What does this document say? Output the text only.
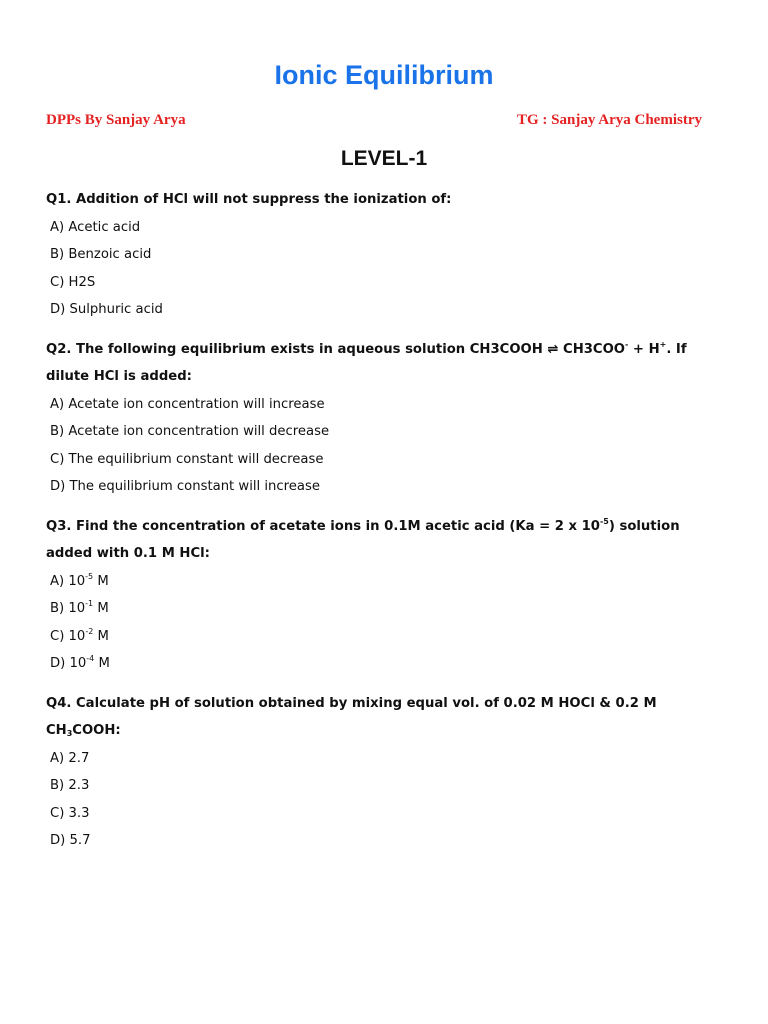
Ionic Equilibrium
DPPs By Sanjay Arya	TG : Sanjay Arya Chemistry
LEVEL-1
Q1. Addition of HCl will not suppress the ionization of:
A) Acetic acid
B) Benzoic acid
C) H2S
D) Sulphuric acid
Q2. The following equilibrium exists in aqueous solution CH3COOH ⇌ CH3COO- + H+. If dilute HCl is added:
A) Acetate ion concentration will increase
B) Acetate ion concentration will decrease
C) The equilibrium constant will decrease
D) The equilibrium constant will increase
Q3. Find the concentration of acetate ions in 0.1M acetic acid (Ka = 2 x $10^{-5}$) solution added with 0.1 M HCl:
A) $10^{-5}$ M
B) $10^{-1}$ M
C) $10^{-2}$ M
D) $10^{-4}$ M
Q4. Calculate pH of solution obtained by mixing equal vol. of 0.02 M HOCl & 0.2 M $CH_3COOH$:
A) 2.7
B) 2.3
C) 3.3
D) 5.7
